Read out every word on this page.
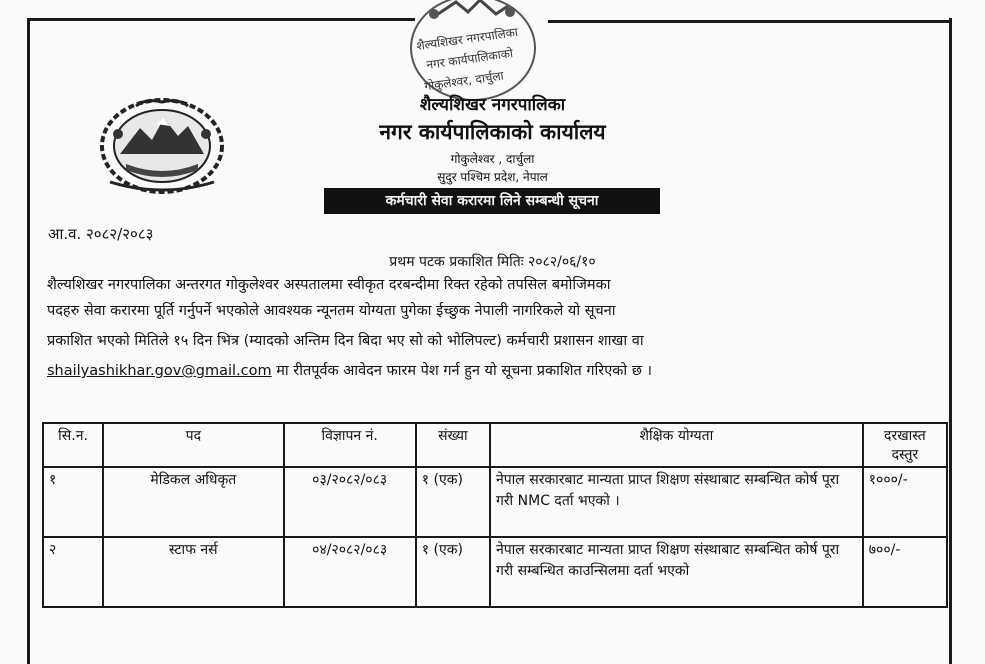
शैल्यशिखर नगरपालिका
नगर कार्यपालिकाको
गोकुलेश्वर, दार्चुला
शैल्यशिखर नगरपालिका
नगर कार्यपालिकाको कार्यालय
गोकुलेश्वर , दार्चुला
सुदुर पश्चिम प्रदेश, नेपाल
कर्मचारी सेवा करारमा लिने सम्बन्धी सूचना
आ.व. २०८२/२०८३
प्रथम पटक प्रकाशित मितिः २०८२/०६/१०
शैल्यशिखर नगरपालिका अन्तरगत गोकुलेश्वर अस्पतालमा स्वीकृत दरबन्दीमा रिक्त रहेको तपसिल बमोजिमका
पदहरु सेवा करारमा पूर्ति गर्नुपर्ने भएकोले आवश्यक न्यूनतम योग्यता पुगेका ईच्छुक नेपाली नागरिकले यो सूचना
प्रकाशित भएको मितिले १५ दिन भित्र (म्यादको अन्तिम दिन बिदा भए सो को भोलिपल्ट) कर्मचारी प्रशासन शाखा वा
shailyashikhar.gov@gmail.com मा रीतपूर्वक आवेदन फारम पेश गर्न हुन यो सूचना प्रकाशित गरिएको छ ।
सि.न.	पद	विज्ञापन नं.	संख्या	शैक्षिक योग्यता	दरखास्त दस्तुर
१	मेडिकल अधिकृत	०३/२०८२/०८३	१ (एक)	नेपाल सरकारबाट मान्यता प्राप्त शिक्षण संस्थाबाट सम्बन्धित कोर्ष पूरा गरी NMC दर्ता भएको ।	१०००/-
२	स्टाफ नर्स	०४/२०८२/०८३	१ (एक)	नेपाल सरकारबाट मान्यता प्राप्त शिक्षण संस्थाबाट सम्बन्धित कोर्ष पूरा गरी सम्बन्धित काउन्सिलमा दर्ता भएको	७००/-
